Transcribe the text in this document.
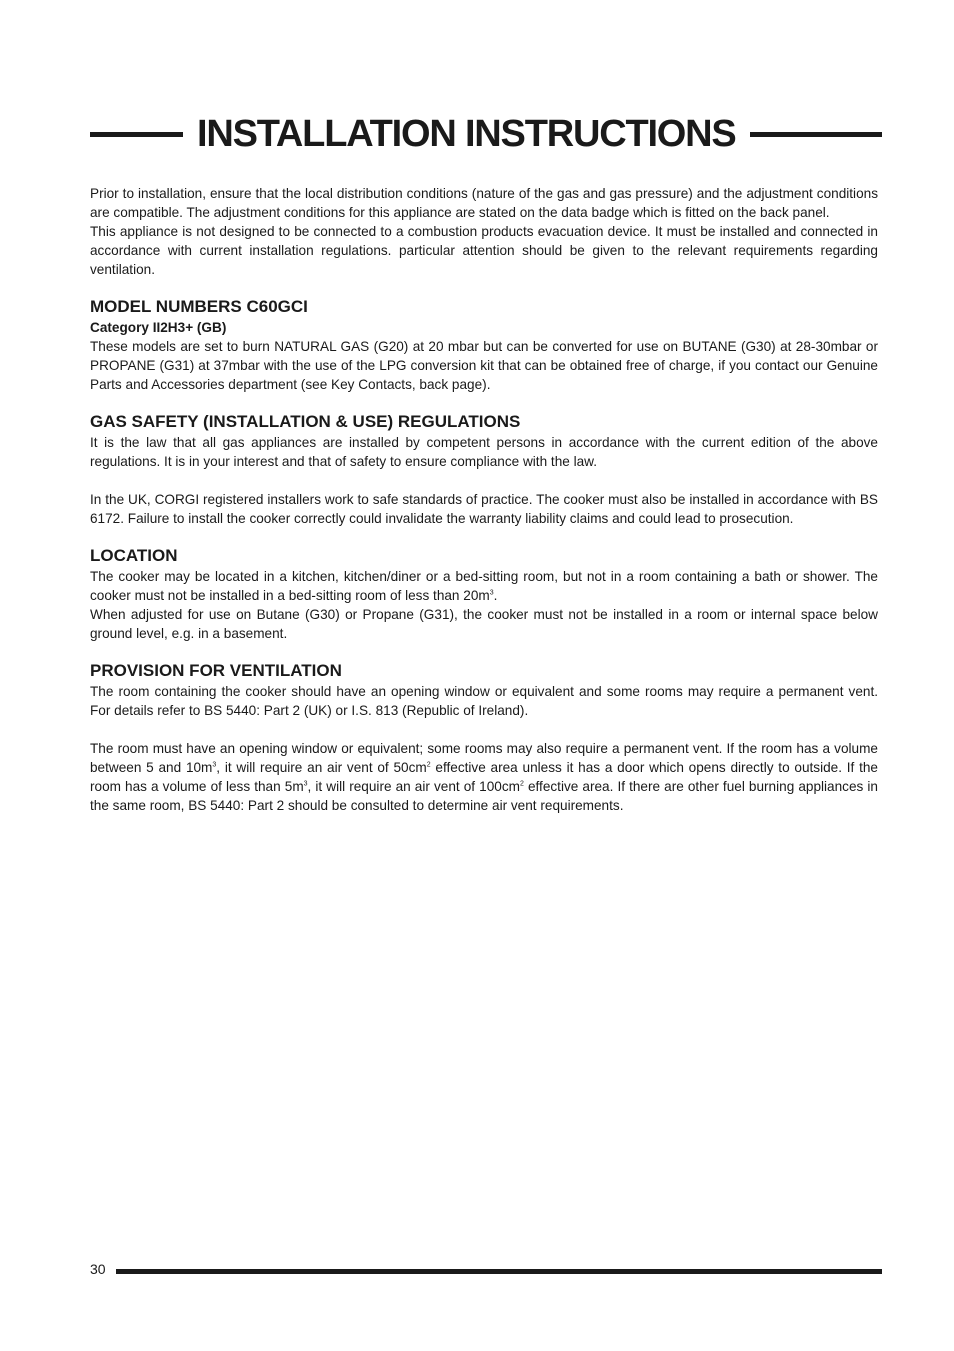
INSTALLATION INSTRUCTIONS

Prior to installation, ensure that the local distribution conditions (nature of the gas and gas pressure) and the adjustment conditions are compatible. The adjustment conditions for this appliance are stated on the data badge which is fitted on the back panel.

This appliance is not designed to be connected to a combustion products evacuation device. It must be installed and connected in accordance with current installation regulations. particular attention should be given to the relevant requirements regarding ventilation.

MODEL NUMBERS C60GCI
Category II2H3+ (GB)

These models are set to burn NATURAL GAS (G20) at 20 mbar but can be converted for use on BUTANE (G30) at 28-30mbar or PROPANE (G31) at 37mbar with the use of the LPG conversion kit that can be obtained free of charge, if you contact our Genuine Parts and Accessories department (see Key Contacts, back page).

GAS SAFETY (INSTALLATION & USE) REGULATIONS

It is the law that all gas appliances are installed by competent persons in accordance with the current edition of the above regulations. It is in your interest and that of safety to ensure compliance with the law.

In the UK, CORGI registered installers work to safe standards of practice. The cooker must also be installed in accordance with BS 6172. Failure to install the cooker correctly could invalidate the warranty liability claims and could lead to prosecution.

LOCATION

The cooker may be located in a kitchen, kitchen/diner or a bed-sitting room, but not in a room containing a bath or shower. The cooker must not be installed in a bed-sitting room of less than $20m^3$.

When adjusted for use on Butane (G30) or Propane (G31), the cooker must not be installed in a room or internal space below ground level, e.g. in a basement.

PROVISION FOR VENTILATION

The room containing the cooker should have an opening window or equivalent and some rooms may require a permanent vent. For details refer to BS 5440: Part 2 (UK) or I.S. 813 (Republic of Ireland).

The room must have an opening window or equivalent; some rooms may also require a permanent vent. If the room has a volume between 5 and $10m^3$, it will require an air vent of $50cm^2$ effective area unless it has a door which opens directly to outside. If the room has a volume of less than $5m^3$, it will require an air vent of $100cm^2$ effective area. If there are other fuel burning appliances in the same room, BS 5440: Part 2 should be consulted to determine air vent requirements.

30
